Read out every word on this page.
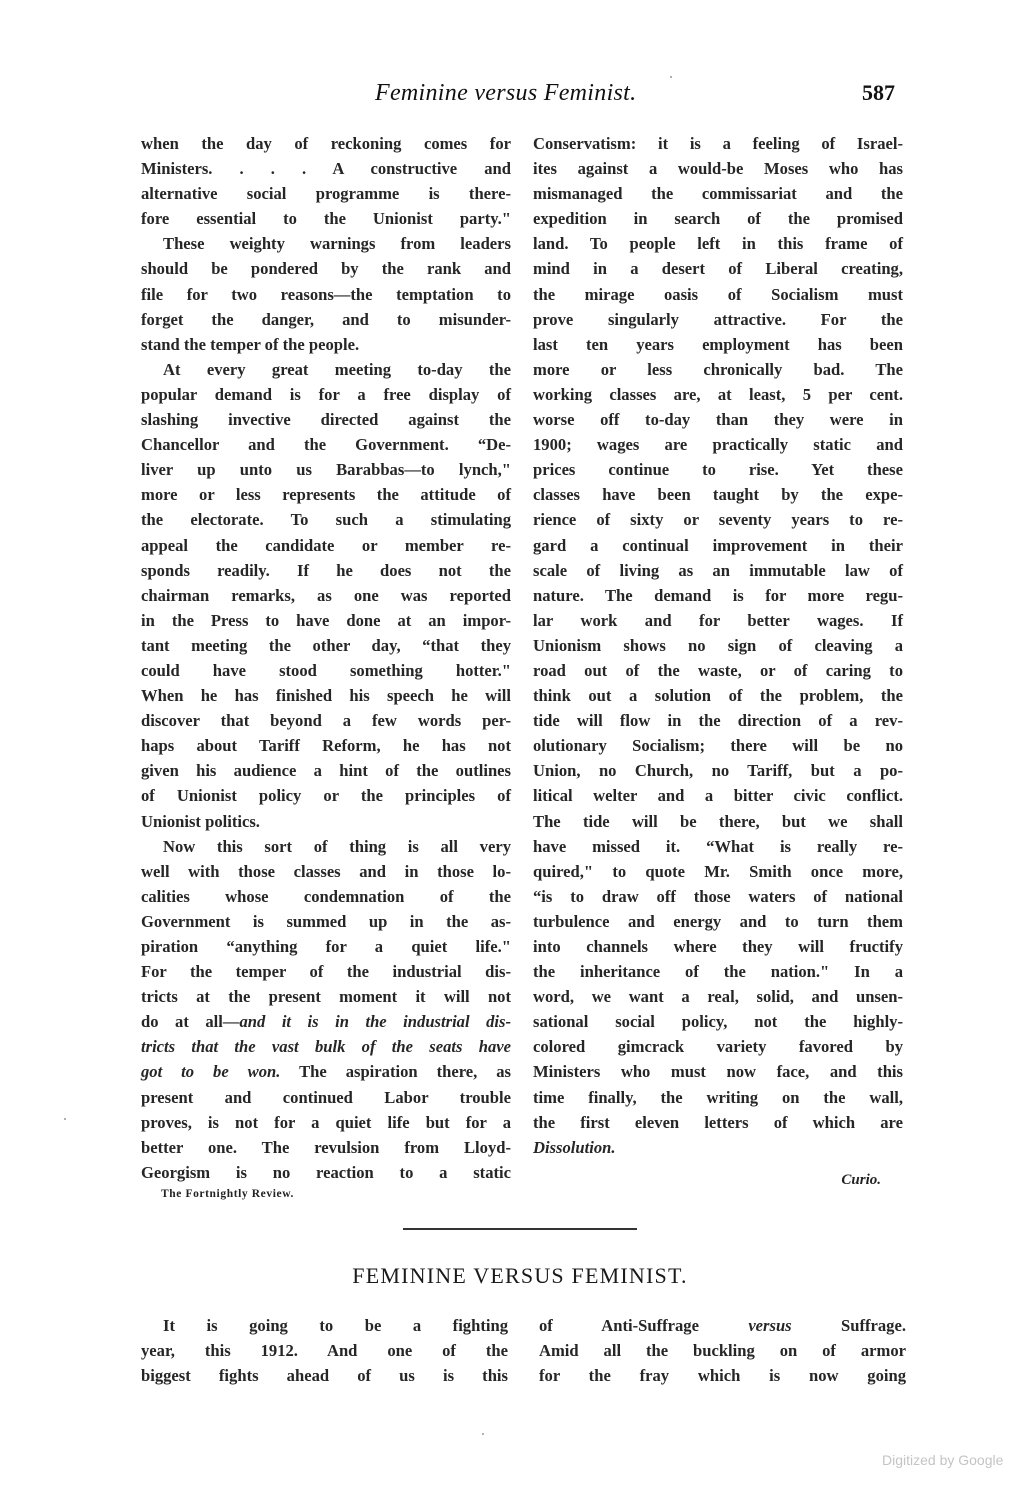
Feminine versus Feminist.	587

when the day of reckoning comes for
Ministers. . . . A constructive and
alternative social programme is there-
fore essential to the Unionist party."

These weighty warnings from leaders
should be pondered by the rank and
file for two reasons—the temptation to
forget the danger, and to misunder-
stand the temper of the people.

At every great meeting to-day the
popular demand is for a free display of
slashing invective directed against the
Chancellor and the Government. “De-
liver up unto us Barabbas—to lynch,"
more or less represents the attitude of
the electorate. To such a stimulating
appeal the candidate or member re-
sponds readily. If he does not the
chairman remarks, as one was reported
in the Press to have done at an impor-
tant meeting the other day, “that they
could have stood something hotter."
When he has finished his speech he will
discover that beyond a few words per-
haps about Tariff Reform, he has not
given his audience a hint of the outlines
of Unionist policy or the principles of
Unionist politics.

Now this sort of thing is all very
well with those classes and in those lo-
calities whose condemnation of the
Government is summed up in the as-
piration “anything for a quiet life."
For the temper of the industrial dis-
tricts at the present moment it will not
do at all—and it is in the industrial dis-
tricts that the vast bulk of the seats have
got to be won. The aspiration there, as
present and continued Labor trouble
proves, is not for a quiet life but for a
better one. The revulsion from Lloyd-
Georgism is no reaction to a static

The Fortnightly Review.

Conservatism: it is a feeling of Israel-
ites against a would-be Moses who has
mismanaged the commissariat and the
expedition in search of the promised
land. To people left in this frame of
mind in a desert of Liberal creating,
the mirage oasis of Socialism must
prove singularly attractive. For the
last ten years employment has been
more or less chronically bad. The
working classes are, at least, 5 per cent.
worse off to-day than they were in
1900; wages are practically static and
prices continue to rise. Yet these
classes have been taught by the expe-
rience of sixty or seventy years to re-
gard a continual improvement in their
scale of living as an immutable law of
nature. The demand is for more regu-
lar work and for better wages. If
Unionism shows no sign of cleaving a
road out of the waste, or of caring to
think out a solution of the problem, the
tide will flow in the direction of a rev-
olutionary Socialism; there will be no
Union, no Church, no Tariff, but a po-
litical welter and a bitter civic conflict.
The tide will be there, but we shall
have missed it. “What is really re-
quired," to quote Mr. Smith once more,
“is to draw off those waters of national
turbulence and energy and to turn them
into channels where they will fructify
the inheritance of the nation." In a
word, we want a real, solid, and unsen-
sational social policy, not the highly-
colored gimcrack variety favored by
Ministers who must now face, and this
time finally, the writing on the wall,
the first eleven letters of which are
Dissolution.

Curio.
FEMININE VERSUS FEMINIST.

It is going to be a fighting
year, this 1912. And one of the
biggest fights ahead of us is this

of Anti-Suffrage versus Suffrage.
Amid all the buckling on of armor
for the fray which is now going

Digitized by Google
